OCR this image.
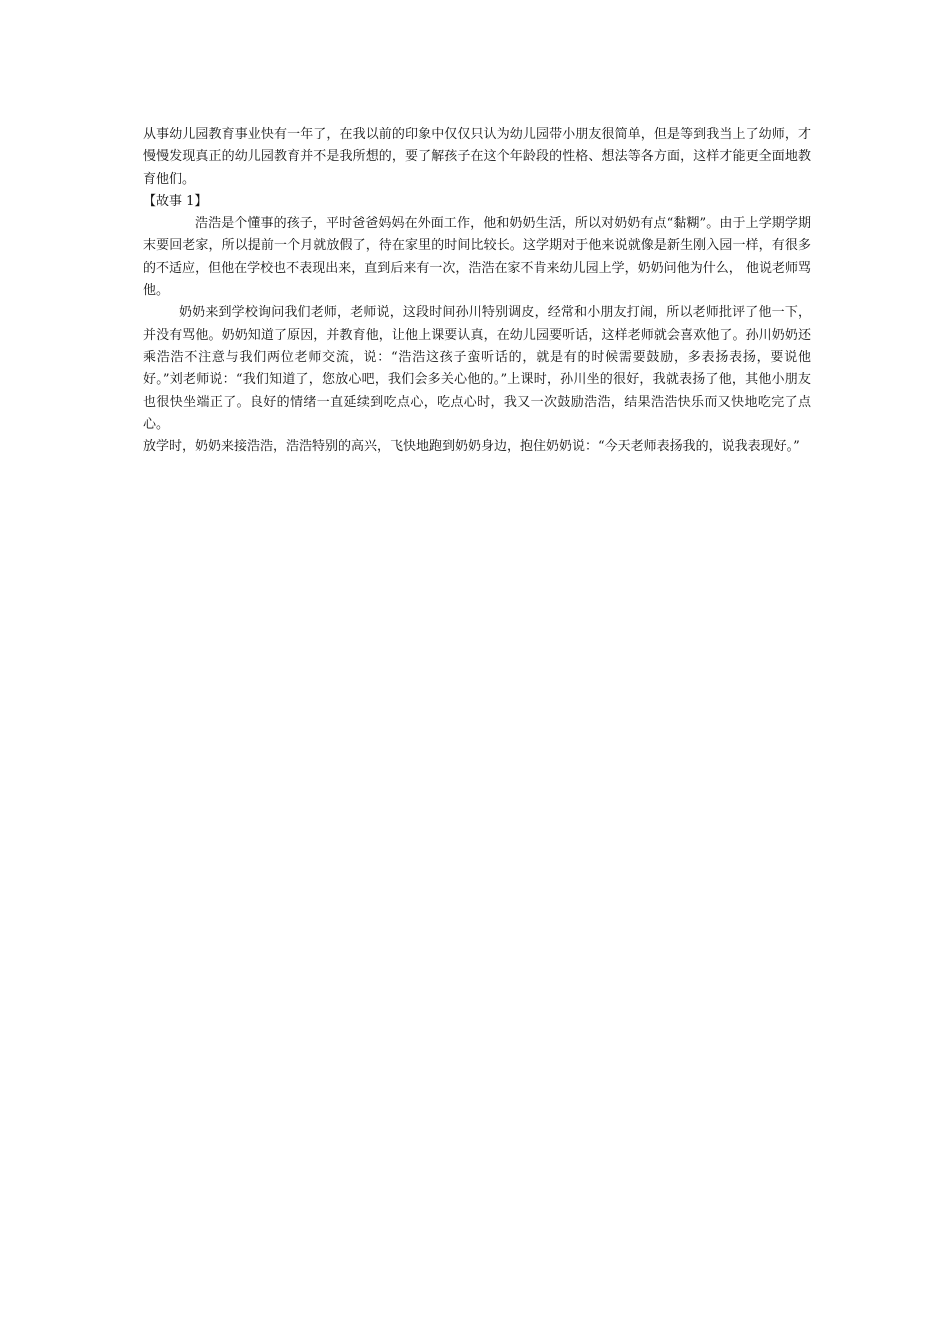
从事幼儿园教育事业快有一年了，在我以前的印象中仅仅只认为幼儿园带小朋友很简单，但是等到我当上了幼师，才慢慢发现真正的幼儿园教育并不是我所想的，要了解孩子在这个年龄段的性格、想法等各方面，这样才能更全面地教育他们。

【故事 1】

浩浩是个懂事的孩子，平时爸爸妈妈在外面工作，他和奶奶生活，所以对奶奶有点“黏糊”。由于上学期学期末要回老家，所以提前一个月就放假了，待在家里的时间比较长。这学期对于他来说就像是新生刚入园一样，有很多的不适应，但他在学校也不表现出来，直到后来有一次，浩浩在家不肯来幼儿园上学，奶奶问他为什么， 他说老师骂他。

奶奶来到学校询问我们老师，老师说，这段时间孙川特别调皮，经常和小朋友打闹，所以老师批评了他一下，并没有骂他。奶奶知道了原因，并教育他，让他上课要认真，在幼儿园要听话，这样老师就会喜欢他了。孙川奶奶还乘浩浩不注意与我们两位老师交流，说：“浩浩这孩子蛮听话的，就是有的时候需要鼓励，多表扬表扬，要说他好。”刘老师说：“我们知道了，您放心吧，我们会多关心他的。”上课时，孙川坐的很好，我就表扬了他，其他小朋友也很快坐端正了。良好的情绪一直延续到吃点心，吃点心时，我又一次鼓励浩浩，结果浩浩快乐而又快地吃完了点心。

放学时，奶奶来接浩浩，浩浩特别的高兴，飞快地跑到奶奶身边，抱住奶奶说：“今天老师表扬我的，说我表现好。”
